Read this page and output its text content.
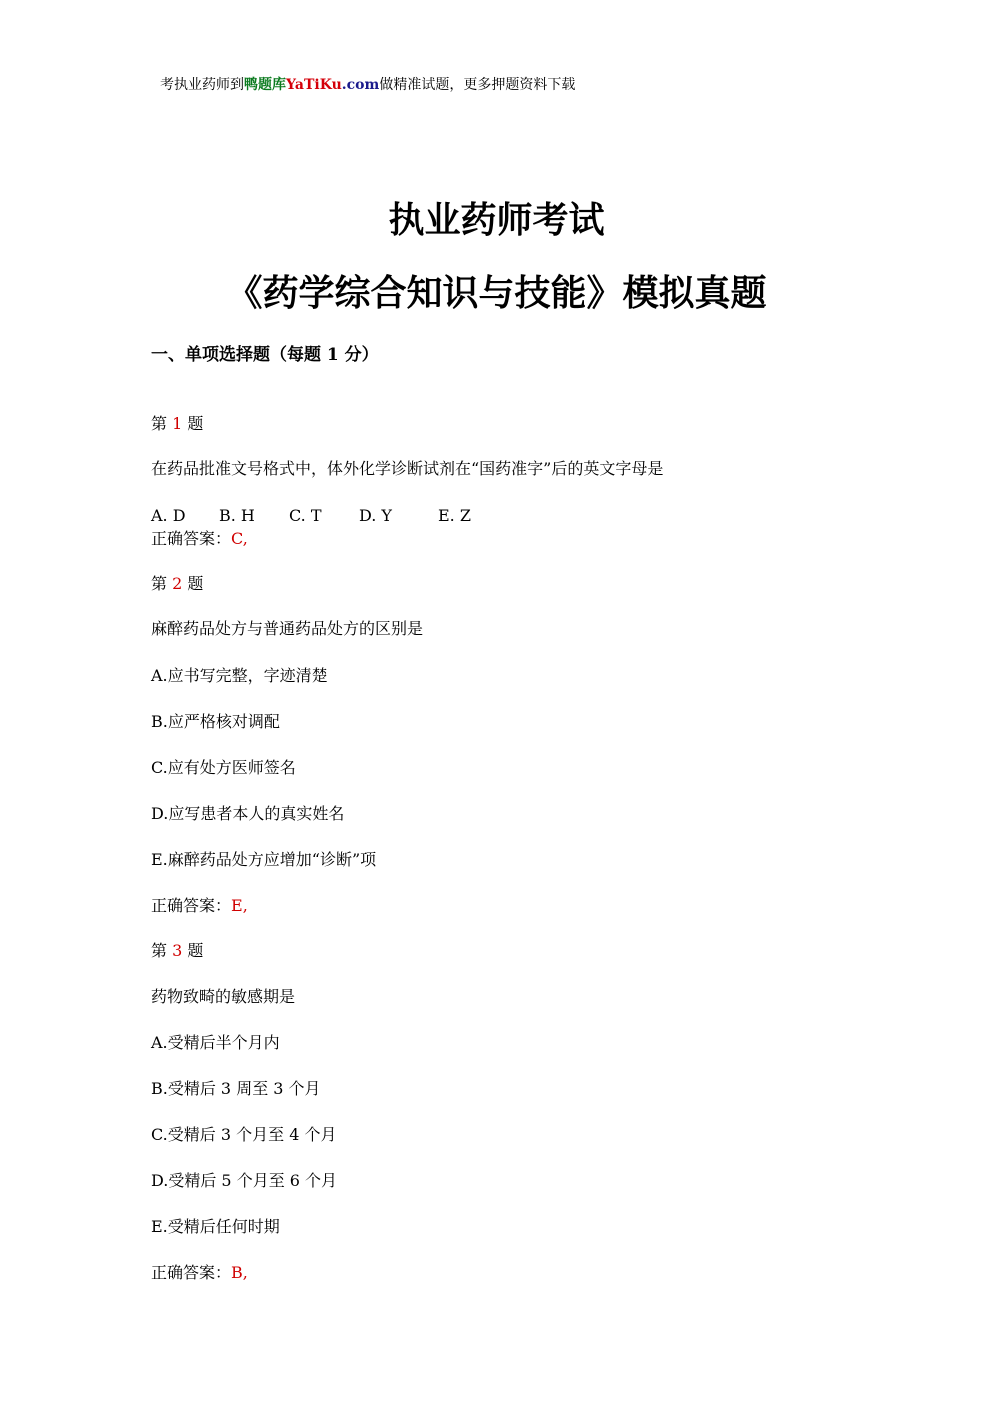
考执业药师到鸭题库YaTiKu.com做精准试题，更多押题资料下载
执业药师考试
《药学综合知识与技能》模拟真题
一、单项选择题（每题 1 分）
第 1 题
在药品批准文号格式中，体外化学诊断试剂在“国药准字”后的英文字母是
A. D B. H C. T D. Y	E. Z
正确答案：C,
第 2 题
麻醉药品处方与普通药品处方的区别是
A.应书写完整，字迹清楚
B.应严格核对调配
C.应有处方医师签名
D.应写患者本人的真实姓名
E.麻醉药品处方应增加“诊断”项
正确答案：E,
第 3 题
药物致畸的敏感期是
A.受精后半个月内
B.受精后 3 周至 3 个月
C.受精后 3 个月至 4 个月
D.受精后 5 个月至 6 个月
E.受精后任何时期
正确答案：B,
